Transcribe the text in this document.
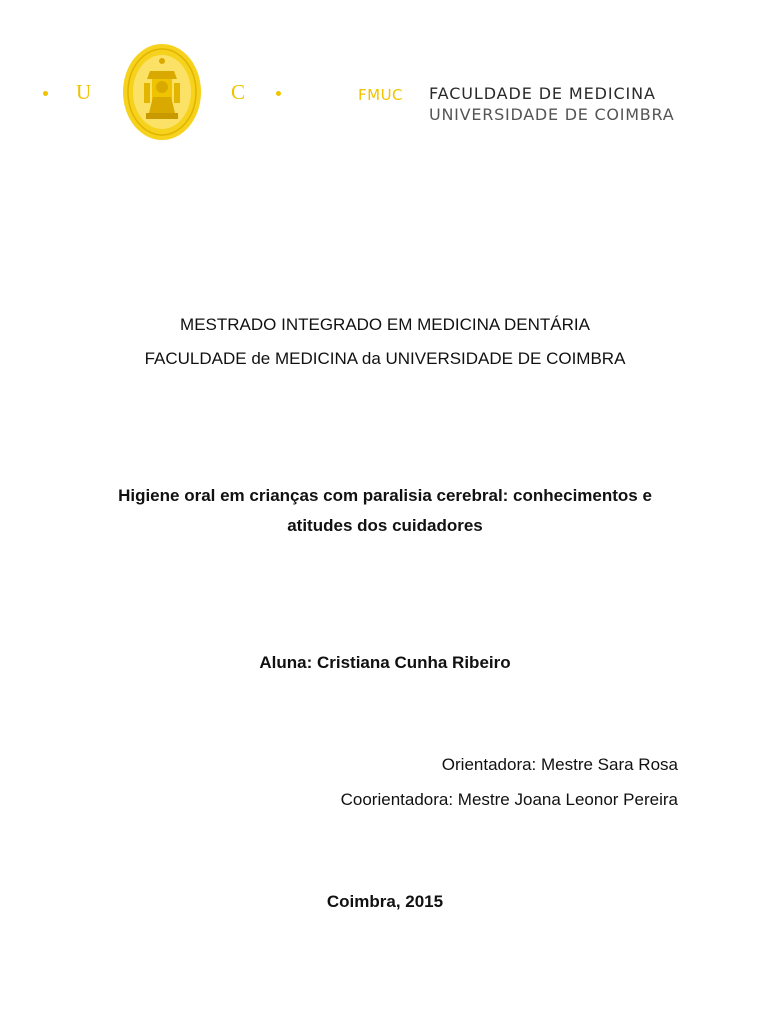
U	C	FMUC FACULDADE DE MEDICINA
UNIVERSIDADE DE COIMBRA
MESTRADO INTEGRADO EM MEDICINA DENTÁRIA
FACULDADE de MEDICINA da UNIVERSIDADE DE COIMBRA
Higiene oral em crianças com paralisia cerebral: conhecimentos e
atitudes dos cuidadores
Aluna: Cristiana Cunha Ribeiro
Orientadora: Mestre Sara Rosa
Coorientadora: Mestre Joana Leonor Pereira
Coimbra, 2015
